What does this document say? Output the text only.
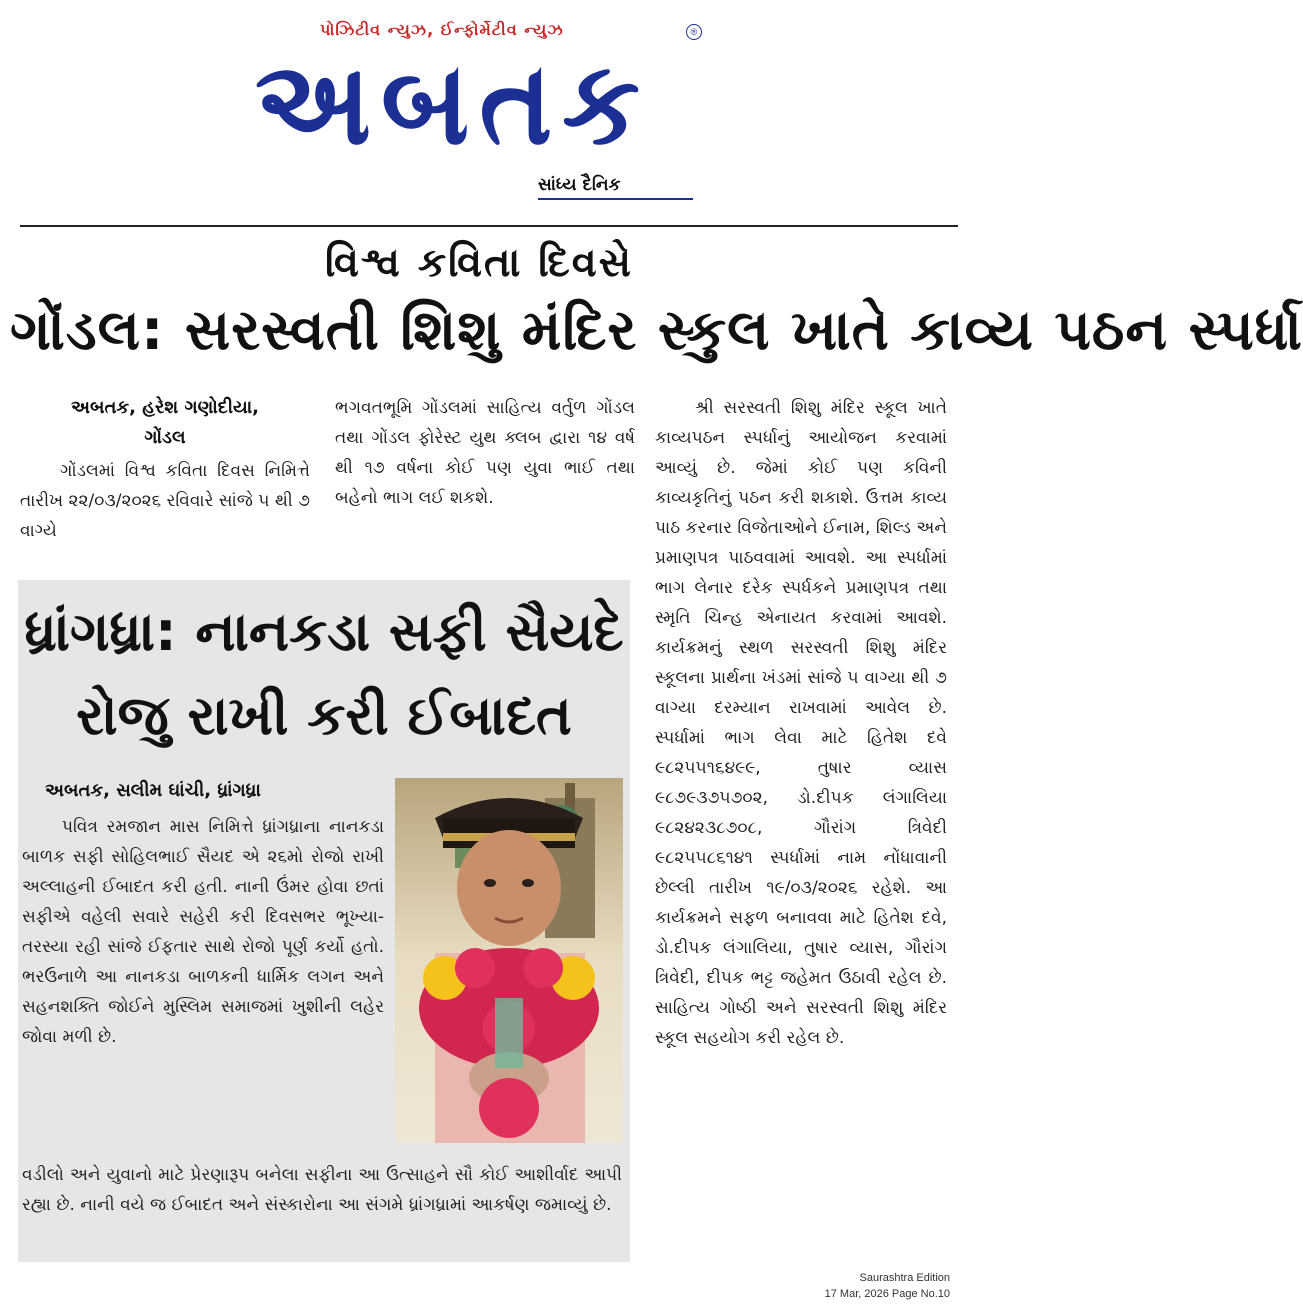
પોઝિટીવ ન્યુઝ, ઈન્ફોર્મેટીવ ન્યુઝ	®
અબતક
સાંધ્ય દૈનિક
વિશ્વ કવિતા દિવસે
ગોંડલ: સરસ્વતી શિશુ મંદિર સ્કુલ ખાતે કાવ્ય પઠન સ્પર્ધા
અબતક, હરેશ ગણોદીયા,
ગોંડલ
ગોંડલમાં વિશ્વ કવિતા દિવસ નિમિત્તે તારીખ ૨૨/૦૩/૨૦૨૬ રવિવારે સાંજે ૫ થી ૭ વાગ્યે
ભગવતભૂમિ ગોંડલમાં સાહિત્ય વર્તુળ ગોંડલ તથા ગોંડલ ફોરેસ્ટ યુથ ક્લબ દ્વારા ૧૪ વર્ષ થી ૧૭ વર્ષના કોઈ પણ યુવા ભાઈ તથા બહેનો ભાગ લઈ શકશે.
શ્રી સરસ્વતી શિશુ મંદિર સ્કૂલ ખાતે કાવ્યપઠન સ્પર્ધાનું આયોજન કરવામાં આવ્યું છે. જેમાં કોઈ પણ કવિની કાવ્યકૃતિનું પઠન કરી શકાશે. ઉત્તમ કાવ્ય પાઠ કરનાર વિજેતાઓને ઈનામ, શિલ્ડ અને પ્રમાણપત્ર પાઠવવામાં આવશે. આ સ્પર્ધામાં ભાગ લેનાર દરેક સ્પર્ધકને પ્રમાણપત્ર તથા સ્મૃતિ ચિન્હ એનાયત કરવામાં આવશે. કાર્યક્રમનું સ્થળ સરસ્વતી શિશુ મંદિર સ્કૂલના પ્રાર્થના ખંડમાં સાંજે ૫ વાગ્યા થી ૭ વાગ્યા દરમ્યાન રાખવામાં આવેલ છે. સ્પર્ધામાં ભાગ લેવા માટે હિતેશ દવે ૯૮૨૫૫૧૬૪૯૯, તુષાર વ્યાસ ૯૮૭૯૩૭૫૭૦૨, ડો.દીપક લંગાલિયા ૯૮૨૪૨૩૮૭૦૮, ગૌરાંગ ત્રિવેદી ૯૮૨૫૫૮૬૧૪૧ સ્પર્ધામાં નામ નોંધાવાની છેલ્લી તારીખ ૧૯/૦૩/૨૦૨૬ રહેશે. આ કાર્યક્રમને સફળ બનાવવા માટે હિતેશ દવે, ડો.દીપક લંગાલિયા, તુષાર વ્યાસ, ગૌરાંગ ત્રિવેદી, દીપક ભટ્ટ જહેમત ઉઠાવી રહેલ છે. સાહિત્ય ગોષ્ઠી અને સરસ્વતી શિશુ મંદિર સ્કૂલ સહયોગ કરી રહેલ છે.
ધ્રાંગધ્રા: નાનકડા સફી સૈયદે
રોજુ રાખી કરી ઈબાદત
અબતક, સલીમ ઘાંચી, ધ્રાંગધ્રા
પવિત્ર રમજાન માસ નિમિત્તે ધ્રાંગધ્રાના નાનકડા બાળક સફી સોહિલભાઈ સૈયદ એ ૨૬મો રોજો રાખી અલ્લાહની ઈબાદત કરી હતી. નાની ઉંમર હોવા છતાં સફીએ વહેલી સવારે સહેરી કરી દિવસભર ભૂખ્યા-તરસ્યા રહી સાંજે ઈફતાર સાથે રોજો પૂર્ણ કર્યો હતો. ભરઉનાળે આ નાનકડા બાળકની ધાર્મિક લગન અને સહનશક્તિ જોઈને મુસ્લિમ સમાજમાં ખુશીની લહેર જોવા મળી છે.
વડીલો અને યુવાનો માટે પ્રેરણારૂપ બનેલા સફીના આ ઉત્સાહને સૌ કોઈ આશીર્વાદ આપી રહ્યા છે. નાની વયે જ ઈબાદત અને સંસ્કારોના આ સંગમે ધ્રાંગધ્રામાં આકર્ષણ જમાવ્યું છે.
Saurashtra Edition
17 Mar, 2026 Page No.10
